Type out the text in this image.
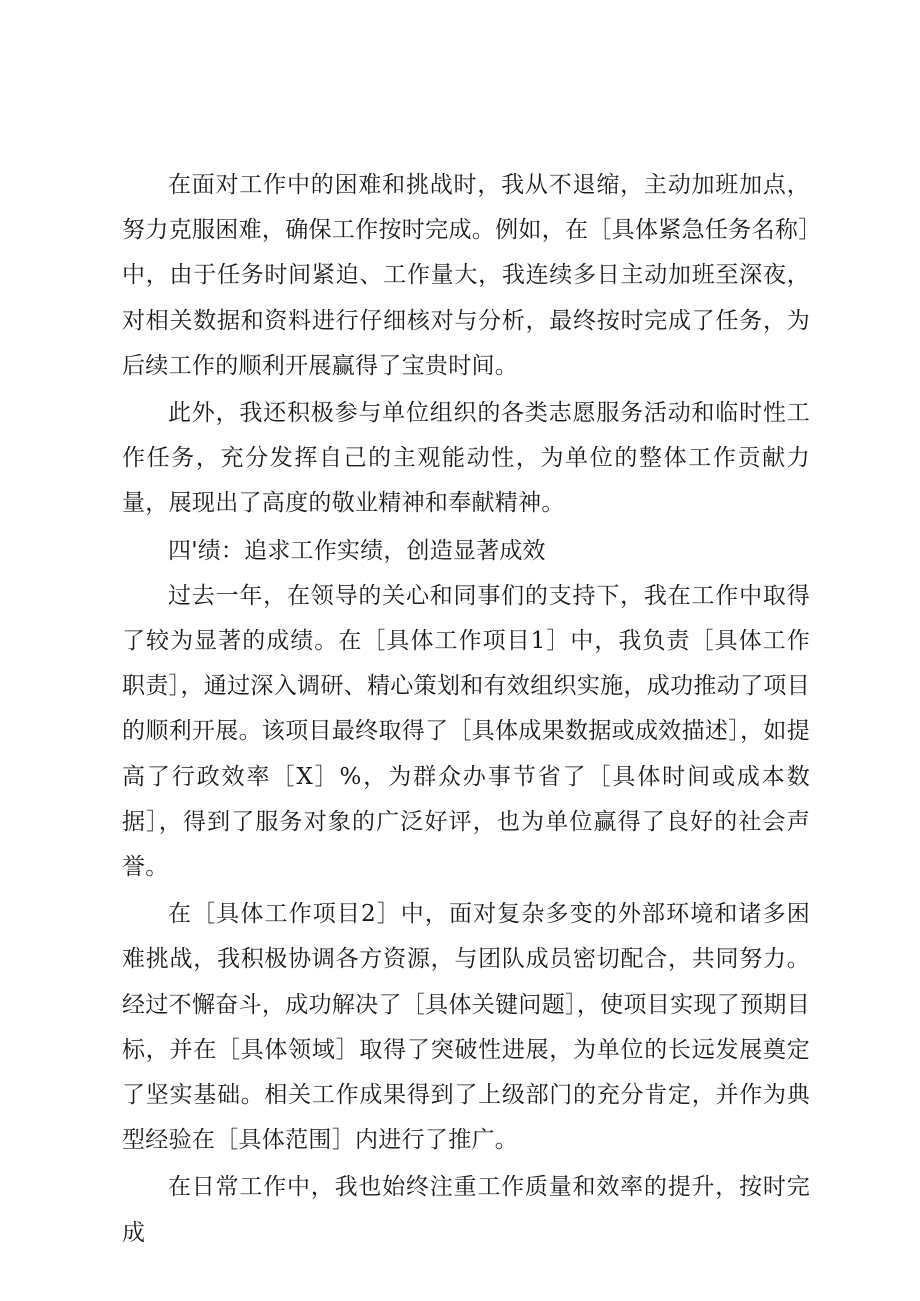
在面对工作中的困难和挑战时，我从不退缩，主动加班加点，努力克服困难，确保工作按时完成。例如，在［具体紧急任务名称］中，由于任务时间紧迫、工作量大，我连续多日主动加班至深夜，对相关数据和资料进行仔细核对与分析，最终按时完成了任务，为后续工作的顺利开展赢得了宝贵时间。

此外，我还积极参与单位组织的各类志愿服务活动和临时性工作任务，充分发挥自己的主观能动性，为单位的整体工作贡献力量，展现出了高度的敬业精神和奉献精神。

四'绩：追求工作实绩，创造显著成效

过去一年，在领导的关心和同事们的支持下，我在工作中取得了较为显著的成绩。在［具体工作项目1］中，我负责［具体工作职责］，通过深入调研、精心策划和有效组织实施，成功推动了项目的顺利开展。该项目最终取得了［具体成果数据或成效描述］，如提高了行政效率［X］%，为群众办事节省了［具体时间或成本数据］，得到了服务对象的广泛好评，也为单位赢得了良好的社会声誉。

在［具体工作项目2］中，面对复杂多变的外部环境和诸多困难挑战，我积极协调各方资源，与团队成员密切配合，共同努力。经过不懈奋斗，成功解决了［具体关键问题］，使项目实现了预期目标，并在［具体领域］取得了突破性进展，为单位的长远发展奠定了坚实基础。相关工作成果得到了上级部门的充分肯定，并作为典型经验在［具体范围］内进行了推广。

在日常工作中，我也始终注重工作质量和效率的提升，按时完成
